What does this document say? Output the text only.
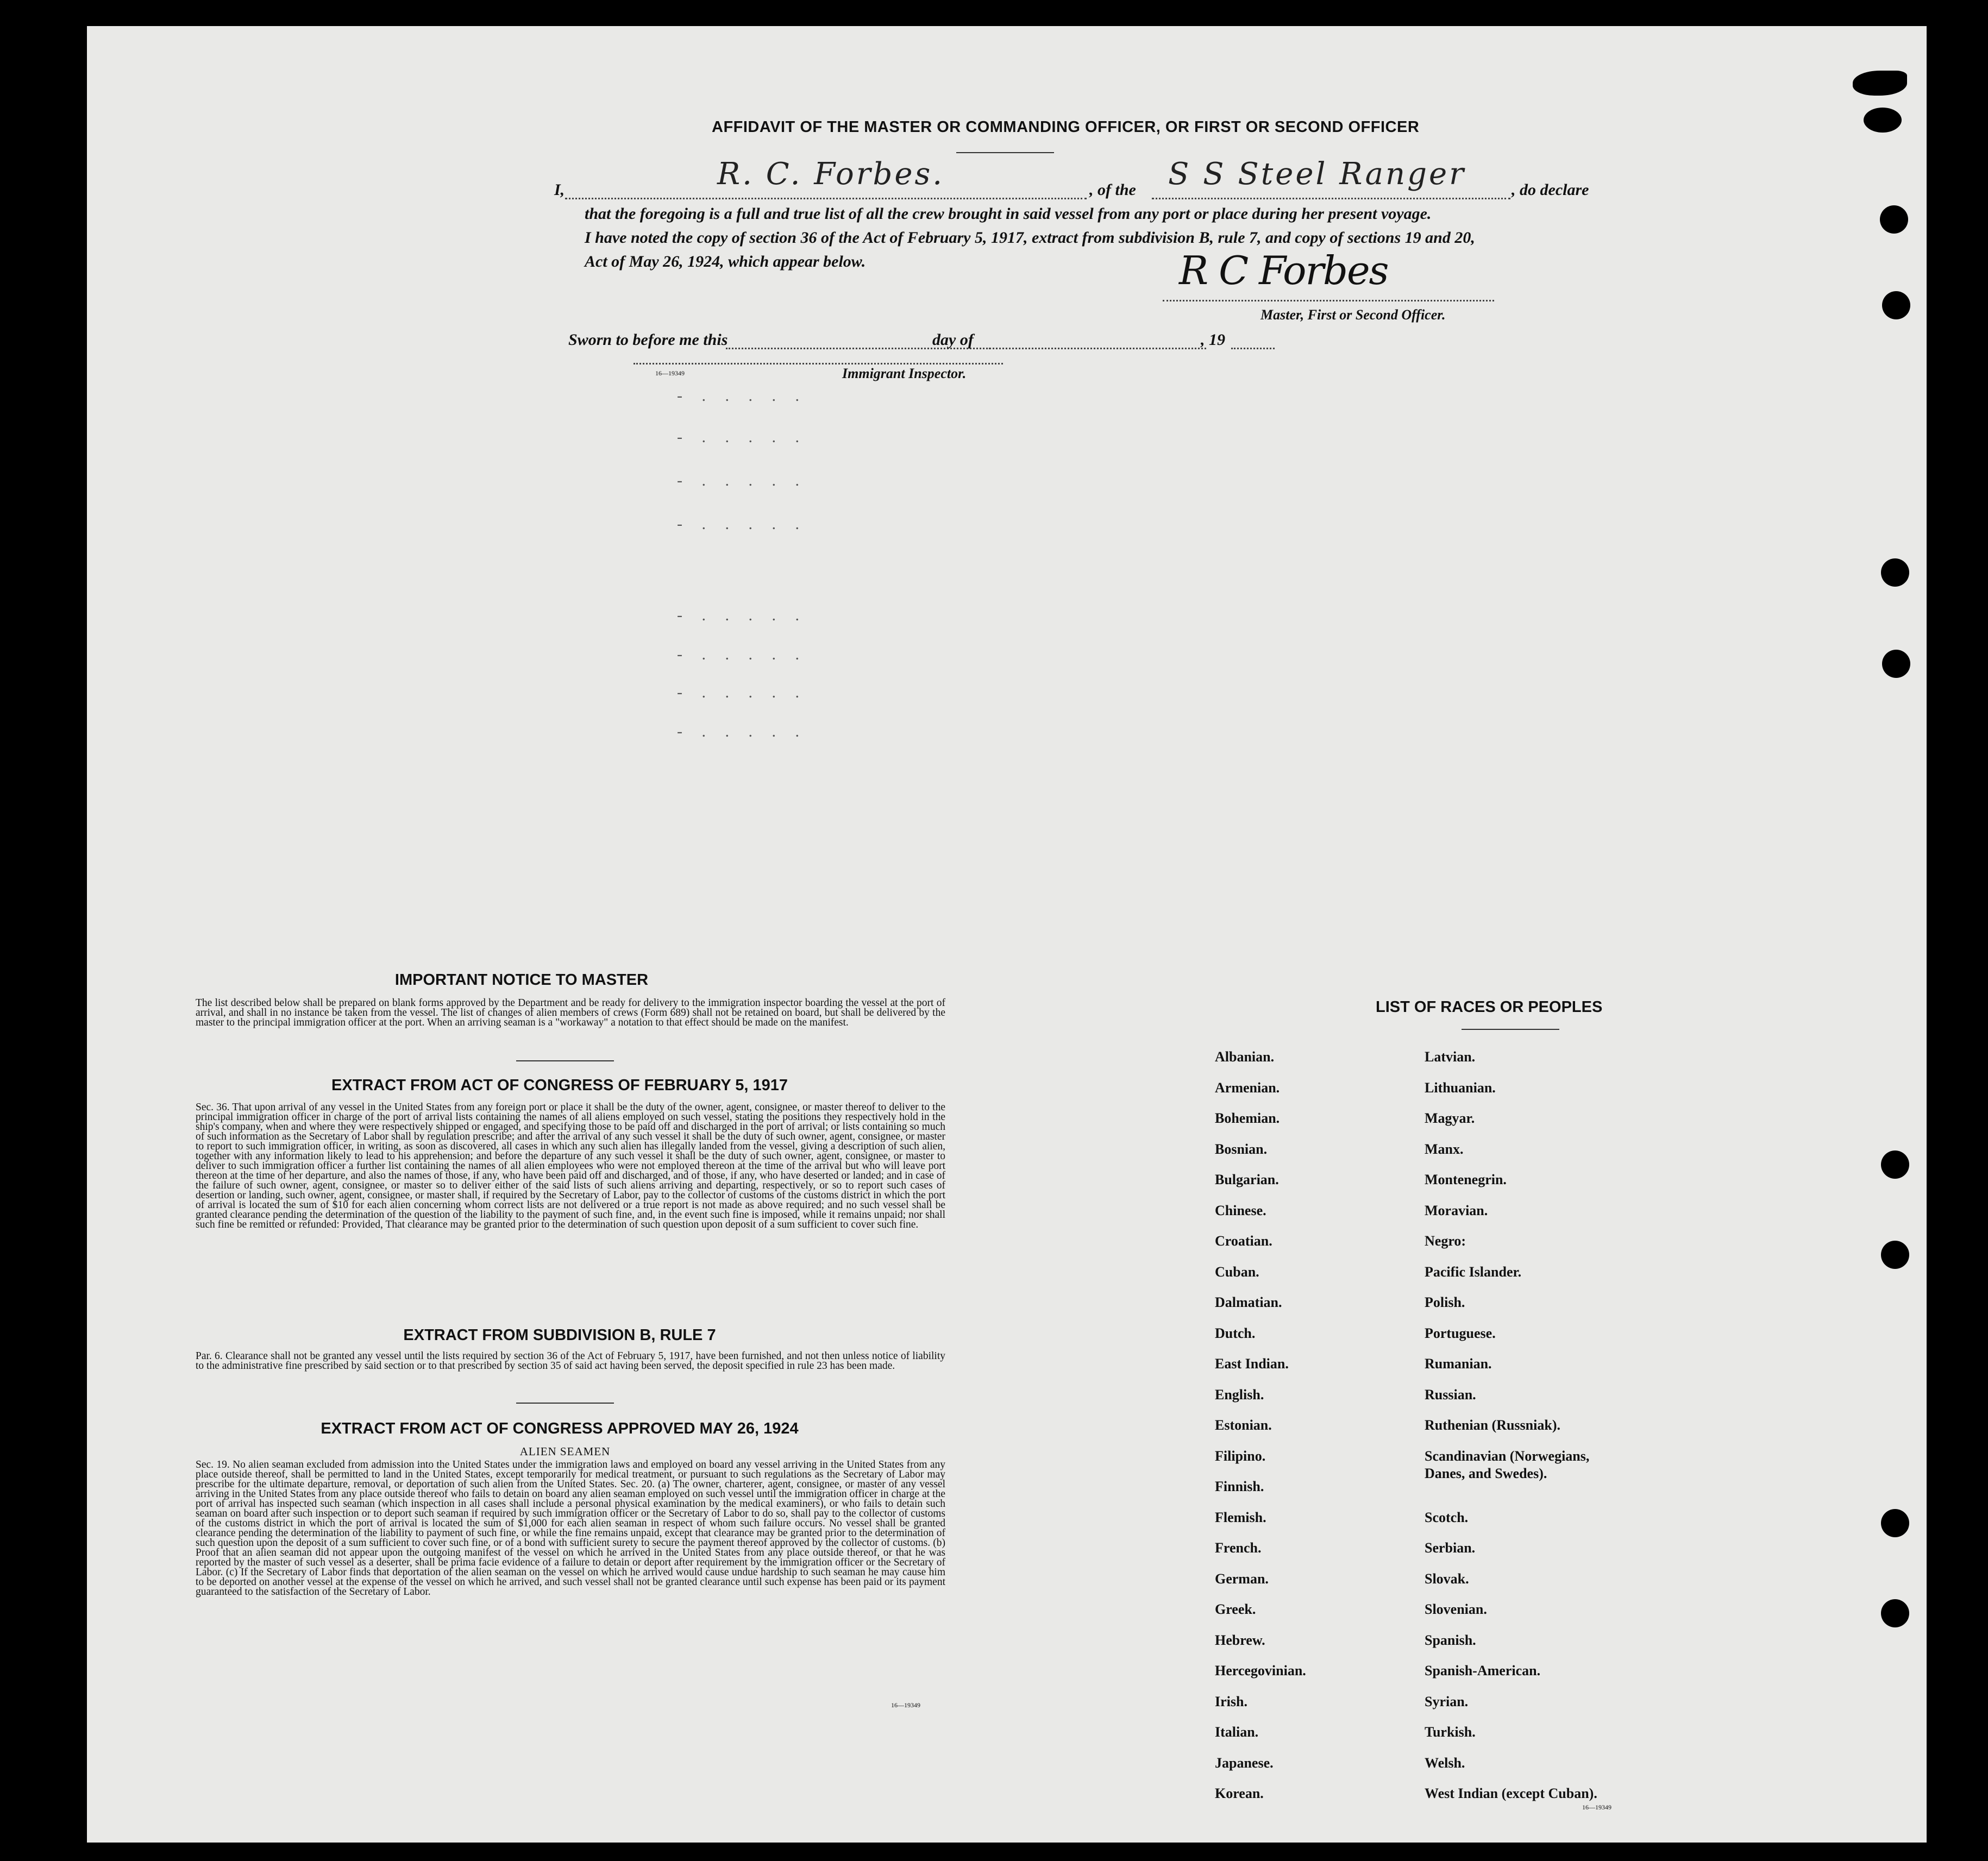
AFFIDAVIT OF THE MASTER OR COMMANDING OFFICER, OR FIRST OR SECOND OFFICER
I,	R. C. Forbes.	, of the S S Steel Ranger	, do declare
that the foregoing is a full and true list of all the crew brought in said vessel from any port or place during her present voyage.
I have noted the copy of section 36 of the Act of February 5, 1917, extract from subdivision B, rule 7, and copy of sections 19 and 20,
Act of May 26, 1924, which appear below.	R C Forbes
Master, First or Second Officer.
Sworn to before me this	day of	, 19
16—19349	Immigrant Inspector.
- . . . . .
- . . . . .
- . . . . .
- . . . . .
- . . . . .
- . . . . .
- . . . . .
- . . . . .
IMPORTANT NOTICE TO MASTER
The list described below shall be prepared on blank forms approved by the Department and be ready for delivery to the immigration inspector boarding the vessel at the port of arrival, and shall in no instance be taken from the vessel. The list of changes of alien members of crews (Form 689) shall not be retained on board, but shall be delivered by the master to the principal immigration officer at the port. When an arriving seaman is a "workaway" a notation to that effect should be made on the manifest.
EXTRACT FROM ACT OF CONGRESS OF FEBRUARY 5, 1917
Sec. 36. That upon arrival of any vessel in the United States from any foreign port or place it shall be the duty of the owner, agent, consignee, or master thereof to deliver to the principal immigration officer in charge of the port of arrival lists containing the names of all aliens employed on such vessel, stating the positions they respectively hold in the ship's company, when and where they were respectively shipped or engaged, and specifying those to be paid off and discharged in the port of arrival; or lists containing so much of such information as the Secretary of Labor shall by regulation prescribe; and after the arrival of any such vessel it shall be the duty of such owner, agent, consignee, or master to report to such immigration officer, in writing, as soon as discovered, all cases in which any such alien has illegally landed from the vessel, giving a description of such alien, together with any information likely to lead to his apprehension; and before the departure of any such vessel it shall be the duty of such owner, agent, consignee, or master to deliver to such immigration officer a further list containing the names of all alien employees who were not employed thereon at the time of the arrival but who will leave port thereon at the time of her departure, and also the names of those, if any, who have been paid off and discharged, and of those, if any, who have deserted or landed; and in case of the failure of such owner, agent, consignee, or master so to deliver either of the said lists of such aliens arriving and departing, respectively, or so to report such cases of desertion or landing, such owner, agent, consignee, or master shall, if required by the Secretary of Labor, pay to the collector of customs of the customs district in which the port of arrival is located the sum of $10 for each alien concerning whom correct lists are not delivered or a true report is not made as above required; and no such vessel shall be granted clearance pending the determination of the question of the liability to the payment of such fine, and, in the event such fine is imposed, while it remains unpaid; nor shall such fine be remitted or refunded: Provided, That clearance may be granted prior to the determination of such question upon deposit of a sum sufficient to cover such fine.
EXTRACT FROM SUBDIVISION B, RULE 7
Par. 6. Clearance shall not be granted any vessel until the lists required by section 36 of the Act of February 5, 1917, have been furnished, and not then unless notice of liability to the administrative fine prescribed by said section or to that prescribed by section 35 of said act having been served, the deposit specified in rule 23 has been made.
EXTRACT FROM ACT OF CONGRESS APPROVED MAY 26, 1924
ALIEN SEAMEN
Sec. 19. No alien seaman excluded from admission into the United States under the immigration laws and employed on board any vessel arriving in the United States from any place outside thereof, shall be permitted to land in the United States, except temporarily for medical treatment, or pursuant to such regulations as the Secretary of Labor may prescribe for the ultimate departure, removal, or deportation of such alien from the United States. Sec. 20. (a) The owner, charterer, agent, consignee, or master of any vessel arriving in the United States from any place outside thereof who fails to detain on board any alien seaman employed on such vessel until the immigration officer in charge at the port of arrival has inspected such seaman (which inspection in all cases shall include a personal physical examination by the medical examiners), or who fails to detain such seaman on board after such inspection or to deport such seaman if required by such immigration officer or the Secretary of Labor to do so, shall pay to the collector of customs of the customs district in which the port of arrival is located the sum of $1,000 for each alien seaman in respect of whom such failure occurs. No vessel shall be granted clearance pending the determination of the liability to payment of such fine, or while the fine remains unpaid, except that clearance may be granted prior to the determination of such question upon the deposit of a sum sufficient to cover such fine, or of a bond with sufficient surety to secure the payment thereof approved by the collector of customs. (b) Proof that an alien seaman did not appear upon the outgoing manifest of the vessel on which he arrived in the United States from any place outside thereof, or that he was reported by the master of such vessel as a deserter, shall be prima facie evidence of a failure to detain or deport after requirement by the immigration officer or the Secretary of Labor. (c) If the Secretary of Labor finds that deportation of the alien seaman on the vessel on which he arrived would cause undue hardship to such seaman he may cause him to be deported on another vessel at the expense of the vessel on which he arrived, and such vessel shall not be granted clearance until such expense has been paid or its payment guaranteed to the satisfaction of the Secretary of Labor.
16—19349
LIST OF RACES OR PEOPLES
Albanian.
Armenian.
Bohemian.
Bosnian.
Bulgarian.
Chinese.
Croatian.
Cuban.
Dalmatian.
Dutch.
East Indian.
English.
Estonian.
Filipino.
Finnish.
Flemish.
French.
German.
Greek.
Hebrew.
Hercegovinian.
Irish.
Italian.
Japanese.
Korean.
Latvian.
Lithuanian.
Magyar.
Manx.
Montenegrin.
Moravian.
Negro:
Pacific Islander.
Polish.
Portuguese.
Rumanian.
Russian.
Ruthenian (Russniak).
Scandinavian (Norwegians, Danes, and Swedes).
Scotch.
Serbian.
Slovak.
Slovenian.
Spanish.
Spanish-American.
Syrian.
Turkish.
Welsh.
West Indian (except Cuban).
16—19349
